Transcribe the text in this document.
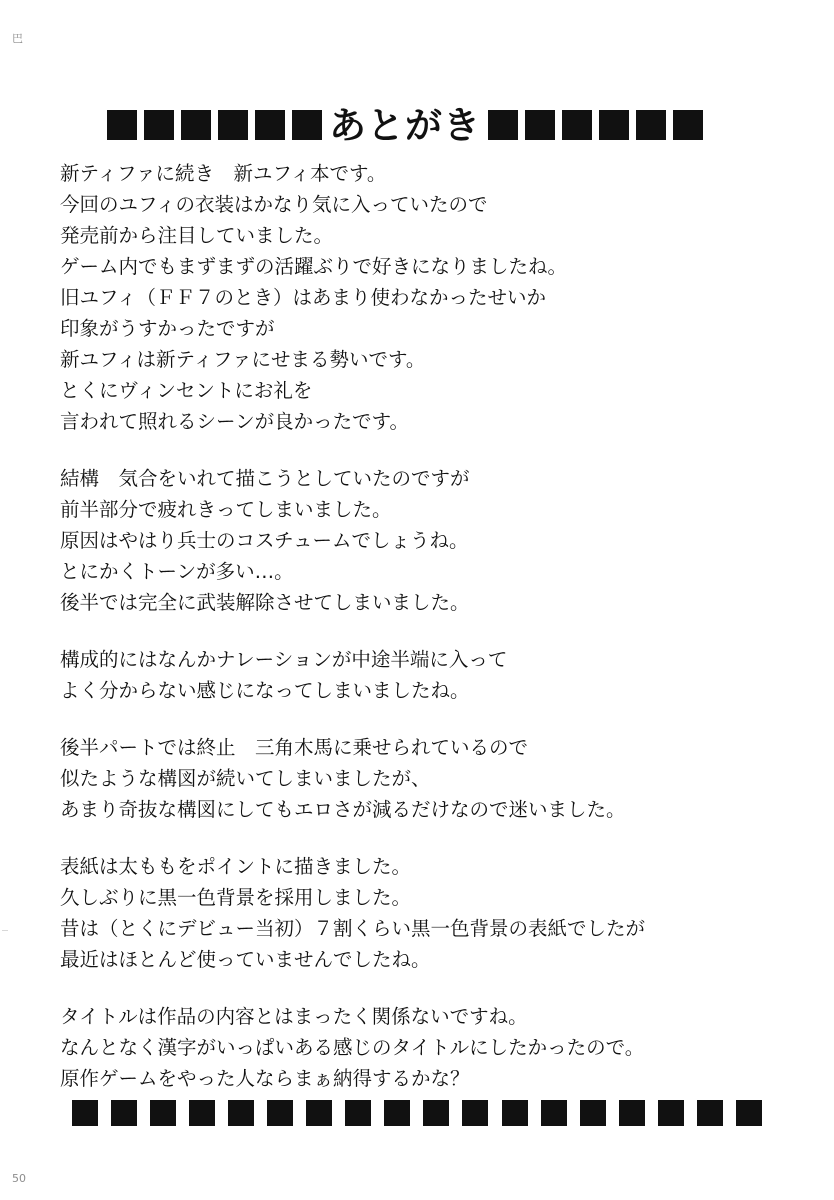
巴
あとがき
新ティファに続き　新ユフィ本です。
今回のユフィの衣装はかなり気に入っていたので
発売前から注目していました。
ゲーム内でもまずまずの活躍ぶりで好きになりましたね。
旧ユフィ（ＦＦ７のとき）はあまり使わなかったせいか
印象がうすかったですが
新ユフィは新ティファにせまる勢いです。
とくにヴィンセントにお礼を
言われて照れるシーンが良かったです。
結構　気合をいれて描こうとしていたのですが
前半部分で疲れきってしまいました。
原因はやはり兵士のコスチュームでしょうね。
とにかくトーンが多い…。
後半では完全に武装解除させてしまいました。
構成的にはなんかナレーションが中途半端に入って
よく分からない感じになってしまいましたね。
後半パートでは終止　三角木馬に乗せられているので
似たような構図が続いてしまいましたが、
あまり奇抜な構図にしてもエロさが減るだけなので迷いました。
表紙は太ももをポイントに描きました。
久しぶりに黒一色背景を採用しました。
昔は（とくにデビュー当初）７割くらい黒一色背景の表紙でしたが
最近はほとんど使っていませんでしたね。
タイトルは作品の内容とはまったく関係ないですね。
なんとなく漢字がいっぱいある感じのタイトルにしたかったので。
原作ゲームをやった人ならまぁ納得するかな？
50
